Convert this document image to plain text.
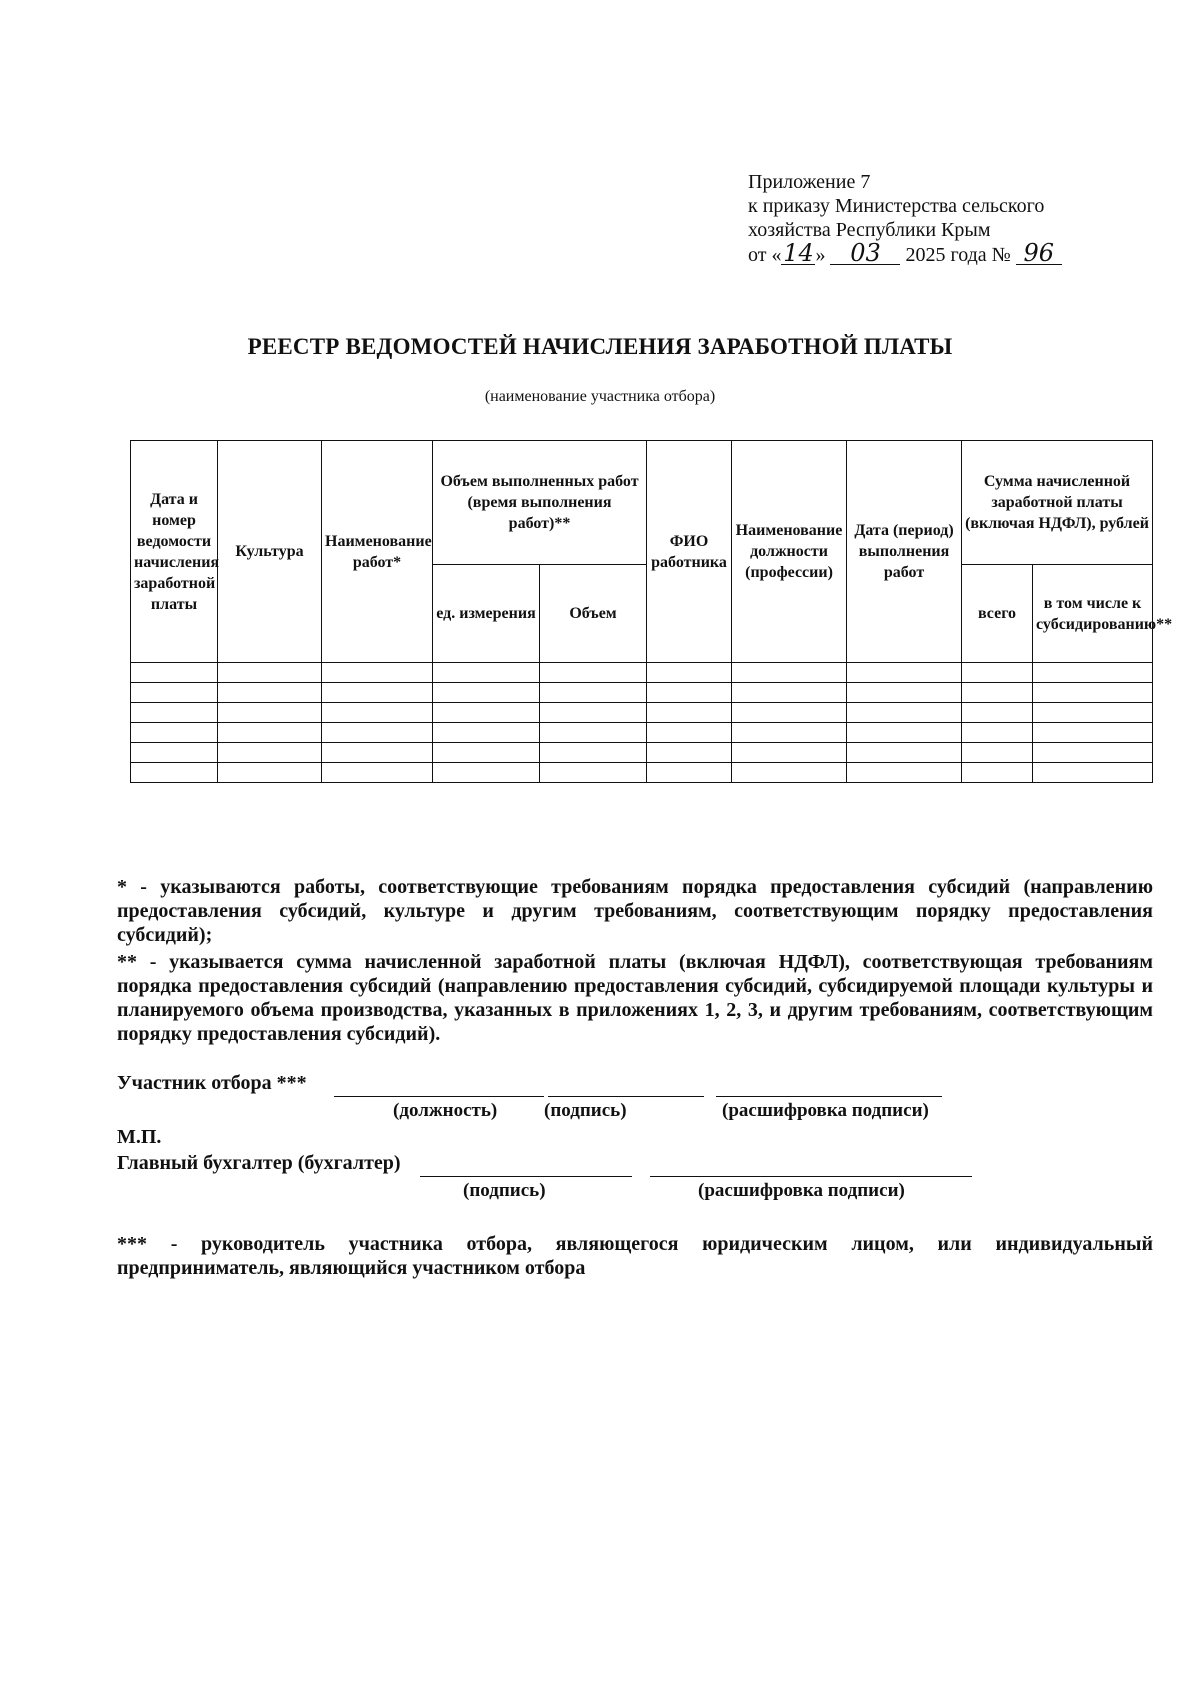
Приложение 7
к приказу Министерства сельского
хозяйства Республики Крым
от «14» 03 2025 года № 96
РЕЕСТР ВЕДОМОСТЕЙ НАЧИСЛЕНИЯ ЗАРАБОТНОЙ ПЛАТЫ
(наименование участника отбора)
Дата и номер ведомости начисления заработной платы	Культура	Наименование работ*	Объем выполненных работ (время выполнения работ)**		ФИО работника	Наименование должности (профессии)	Дата (период) выполнения работ	Сумма начисленной заработной платы (включая НДФЛ), рублей	
			ед. измерения	Объем				всего	в том числе к субсидированию**

* - указываются работы, соответствующие требованиям порядка предоставления субсидий (направлению предоставления субсидий, культуре и другим требованиям, соответствующим порядку предоставления субсидий);
** - указывается сумма начисленной заработной платы (включая НДФЛ), соответствующая требованиям порядка предоставления субсидий (направлению предоставления субсидий, субсидируемой площади культуры и планируемого объема производства, указанных в приложениях 1, 2, 3, и другим требованиям, соответствующим порядку предоставления субсидий).
Участник отбора ***
(должность) (подпись)	(расшифровка подписи)
М.П.
Главный бухгалтер (бухгалтер)
(подпись)	(расшифровка подписи)
*** - руководитель участника отбора, являющегося юридическим лицом, или индивидуальный предприниматель, являющийся участником отбора
